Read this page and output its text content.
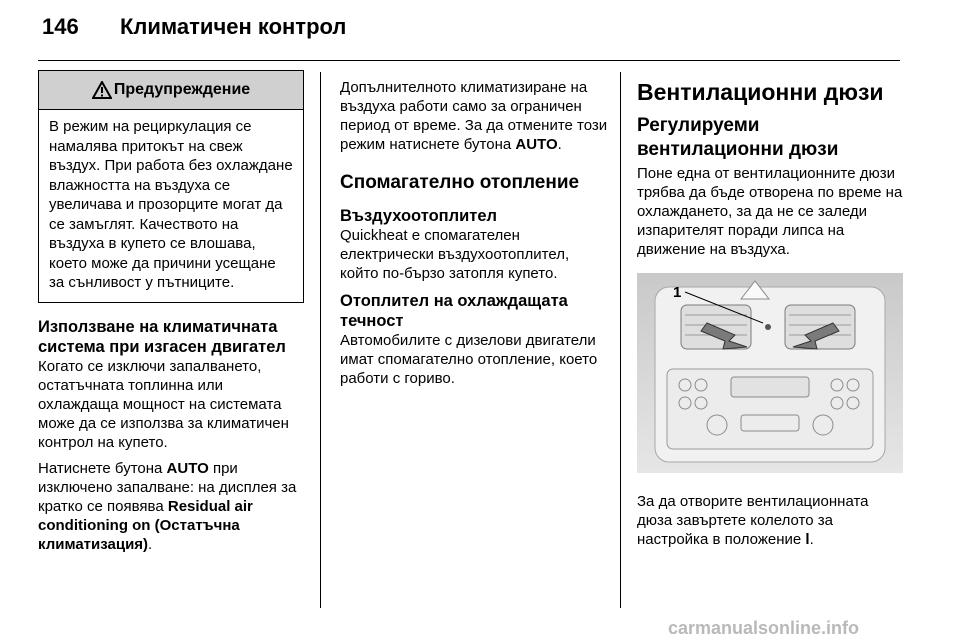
146 Климатичен контрол
Предупреждение
В режим на рециркулация се намалява притокът на свеж въздух. При работа без охлаждане влажността на въздуха се увеличава и прозорците могат да се замъглят. Качеството на въздуха в купето се влошава, което може да причини усещане за сънливост у пътниците.
Използване на климатичната система при изгасен двигател
Когато се изключи запалването, остатъчната топлинна или охлаждаща мощност на системата може да се използва за климатичен контрол на купето.
Натиснете бутона AUTO при изключено запалване: на дисплея за кратко се появява Residual air conditioning on (Остатъчна климатизация).
Допълнителното климатизиране на въздуха работи само за ограничен период от време. За да отмените този режим натиснете бутона AUTO.
Спомагателно отопление
Въздухоотоплител
Quickheat е спомагателен електрически въздухоотоплител, който по-бързо затопля купето.
Отоплител на охлаждащата течност
Автомобилите с дизелови двигатели имат спомагателно отопление, което работи с гориво.
Вентилационни дюзи
Регулируеми вентилационни дюзи
Поне една от вентилационните дюзи трябва да бъде отворена по време на охлаждането, за да не се заледи изпарителят поради липса на движение на въздуха.
1
За да отворите вентилационната дюза завъртете колелото за настройка в положение l.
carmanualsonline.info
